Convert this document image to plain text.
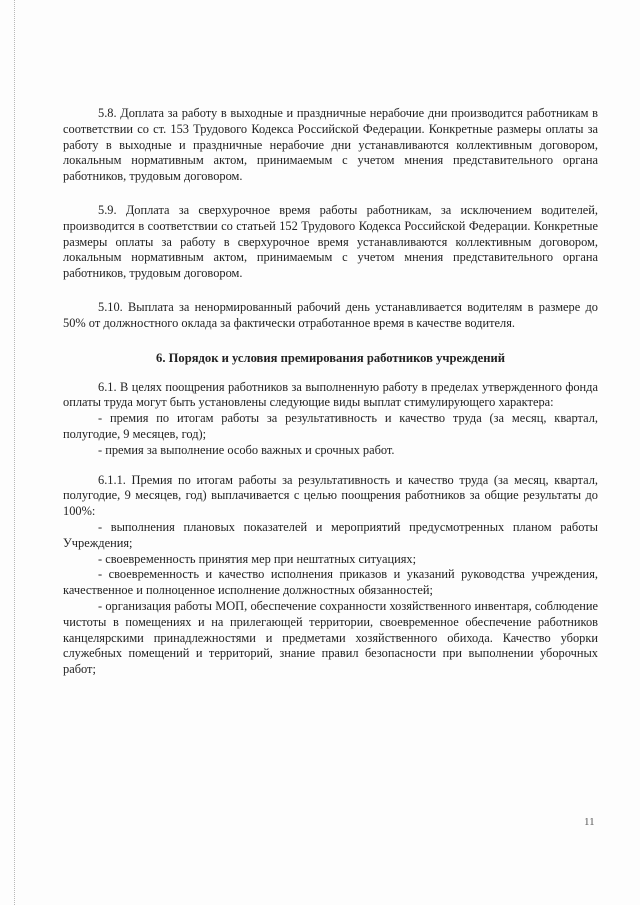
5.8. Доплата за работу в выходные и праздничные нерабочие дни производится работникам в соответствии со ст. 153 Трудового Кодекса Российской Федерации. Конкретные размеры оплаты за работу в выходные и праздничные нерабочие дни устанавливаются коллективным договором, локальным нормативным актом, принимаемым с учетом мнения представительного органа работников, трудовым договором.

5.9. Доплата за сверхурочное время работы работникам, за исключением водителей, производится в соответствии со статьей 152 Трудового Кодекса Российской Федерации. Конкретные размеры оплаты за работу в сверхурочное время устанавливаются коллективным договором, локальным нормативным актом, принимаемым с учетом мнения представительного органа работников, трудовым договором.

5.10. Выплата за ненормированный рабочий день устанавливается водителям в размере до 50% от должностного оклада за фактически отработанное время в качестве водителя.

6. Порядок и условия премирования работников учреждений

6.1. В целях поощрения работников за выполненную работу в пределах утвержденного фонда оплаты труда могут быть установлены следующие виды выплат стимулирующего характера:

- премия по итогам работы за результативность и качество труда (за месяц, квартал, полугодие, 9 месяцев, год);

- премия за выполнение особо важных и срочных работ.

6.1.1. Премия по итогам работы за результативность и качество труда (за месяц, квартал, полугодие, 9 месяцев, год) выплачивается с целью поощрения работников за общие результаты до 100%:

- выполнения плановых показателей и мероприятий предусмотренных планом работы Учреждения;

- своевременность принятия мер при нештатных ситуациях;

- своевременность и качество исполнения приказов и указаний руководства учреждения, качественное и полноценное исполнение должностных обязанностей;

- организация работы МОП, обеспечение сохранности хозяйственного инвентаря, соблюдение чистоты в помещениях и на прилегающей территории, своевременное обеспечение работников канцелярскими принадлежностями и предметами хозяйственного обихода. Качество уборки служебных помещений и территорий, знание правил безопасности при выполнении уборочных работ;

11
